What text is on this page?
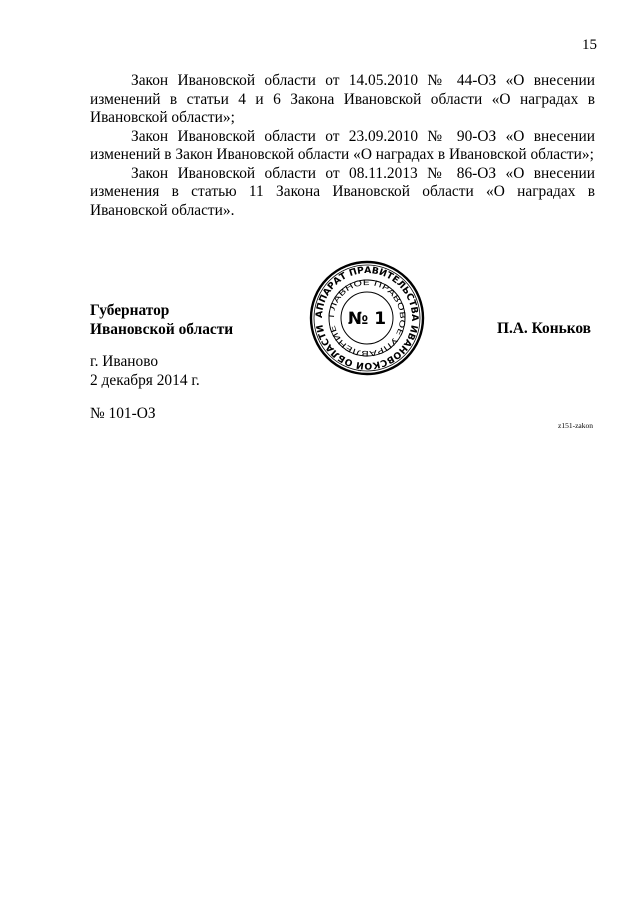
15

Закон Ивановской области от 14.05.2010 № 44-ОЗ «О внесении изменений в статьи 4 и 6 Закона Ивановской области «О наградах в Ивановской области»;

Закон Ивановской области от 23.09.2010 № 90-ОЗ «О внесении изменений в Закон Ивановской области «О наградах в Ивановской области»;

Закон Ивановской области от 08.11.2013 № 86-ОЗ «О внесении изменения в статью 11 Закона Ивановской области «О наградах в Ивановской области».

Губернатор
Ивановской области	П.А. Коньков
АППАРАТ ПРАВИТЕЛЬСТВА ИВАНОВСКОЙ ОБЛАСТИ
ГЛАВНОЕ ПРАВОВОЕ УПРАВЛЕНИЕ
№ 1
г. Иваново
2 декабря 2014 г.
№ 101-ОЗ
z151-zakon
